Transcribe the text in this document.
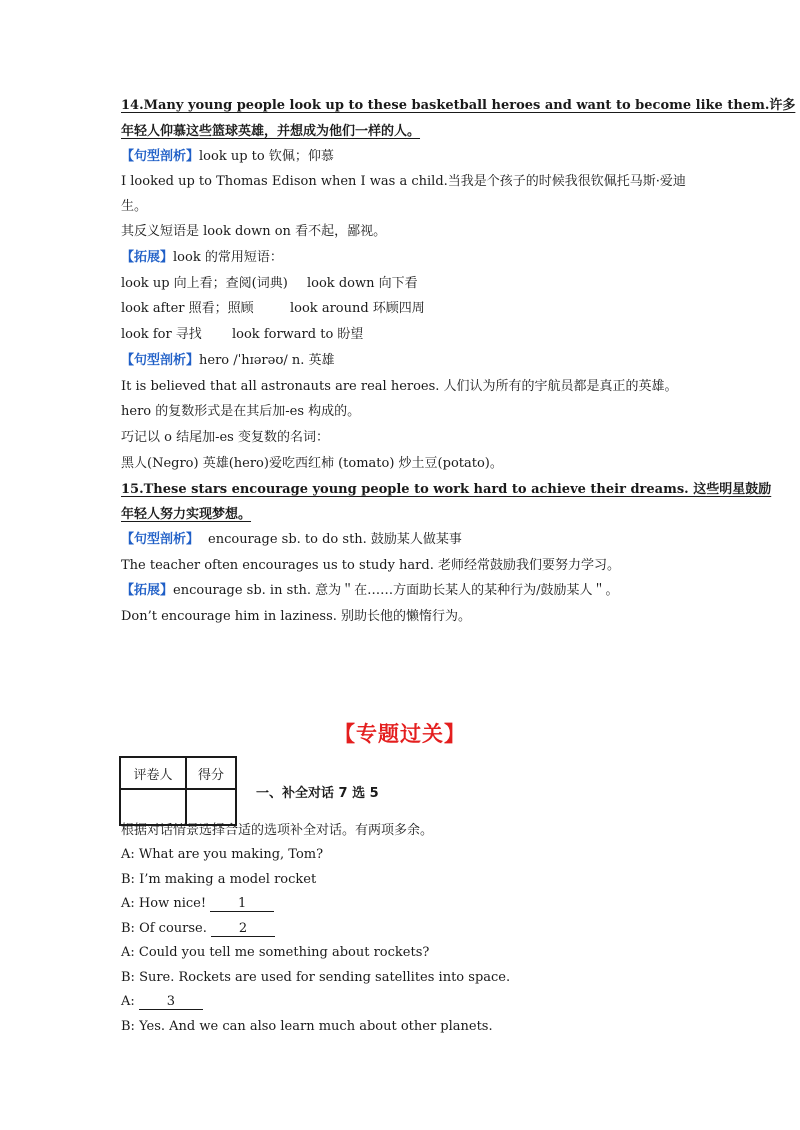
14.Many young people look up to these basketball heroes and want to become like them.许多
年轻人仰慕这些篮球英雄，并想成为他们一样的人。
【句型剖析】look up to 钦佩；仰慕
I looked up to Thomas Edison when I was a child.当我是个孩子的时候我很钦佩托马斯·爱迪
生。
其反义短语是 look down on 看不起，鄙视。
【拓展】look 的常用短语：
look up 向上看；查阅(词典) look down 向下看
look after 照看；照顾	look around 环顾四周
look for 寻找 look forward to 盼望
【句型剖析】hero /ˈhɪərəʊ/ n. 英雄
It is believed that all astronauts are real heroes. 人们认为所有的宇航员都是真正的英雄。
hero 的复数形式是在其后加-es 构成的。
巧记以 o 结尾加-es 变复数的名词：
黑人(Negro) 英雄(hero)爱吃西红柿 (tomato) 炒土豆(potato)。
15.These stars encourage young people to work hard to achieve their dreams. 这些明星鼓励
年轻人努力实现梦想。
【句型剖析】 encourage sb. to do sth. 鼓励某人做某事
The teacher often encourages us to study hard. 老师经常鼓励我们要努力学习。
【拓展】encourage sb. in sth. 意为＂在……方面助长某人的某种行为/鼓励某人＂。
Don’t encourage him in laziness. 别助长他的懒惰行为。
【专题过关】
评卷人	得分

一、补全对话 7 选 5
根据对话情景选择合适的选项补全对话。有两项多余。
A: What are you making, Tom?
B: I’m making a model rocket
A: How nice! 1
B: Of course. 2
A: Could you tell me something about rockets?
B: Sure. Rockets are used for sending satellites into space.
A: 3
B: Yes. And we can also learn much about other planets.
